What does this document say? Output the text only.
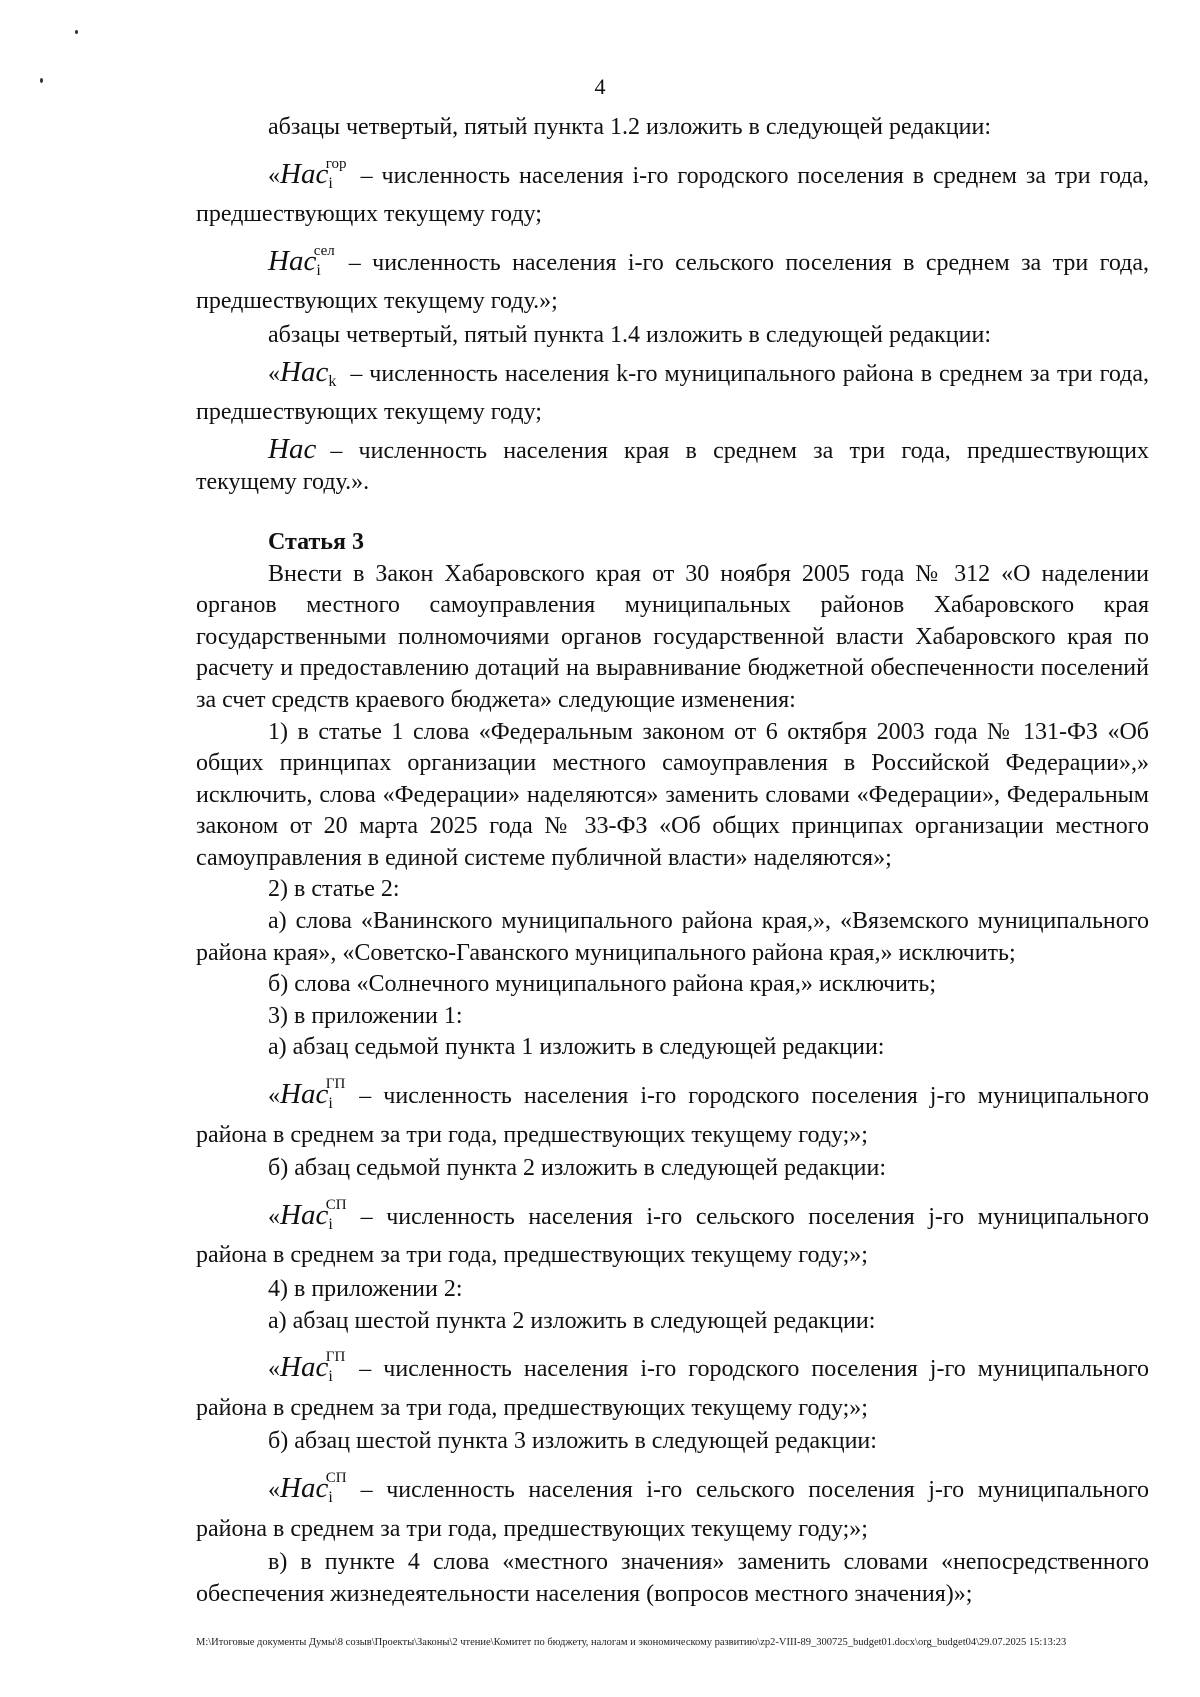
4

абзацы четвертый, пятый пункта 1.2 изложить в следующей редакции:

«Нас$_i^{гор}$ – численность населения i-го городского поселения в среднем за три года, предшествующих текущему году;

Нас$_i^{сел}$ – численность населения i-го сельского поселения в среднем за три года, предшествующих текущему году.»;

абзацы четвертый, пятый пункта 1.4 изложить в следующей редакции:

«Нас$_k$ – численность населения k-го муниципального района в среднем за три года, предшествующих текущему году;

Нас – численность населения края в среднем за три года, предшествующих текущему году.».

Статья 3

Внести в Закон Хабаровского края от 30 ноября 2005 года № 312 «О наделении органов местного самоуправления муниципальных районов Хабаровского края государственными полномочиями органов государственной власти Хабаровского края по расчету и предоставлению дотаций на выравнивание бюджетной обеспеченности поселений за счет средств краевого бюджета» следующие изменения:

1) в статье 1 слова «Федеральным законом от 6 октября 2003 года № 131-ФЗ «Об общих принципах организации местного самоуправления в Российской Федерации»,» исключить, слова «Федерации» наделяются» заменить словами «Федерации», Федеральным законом от 20 марта 2025 года № 33-ФЗ «Об общих принципах организации местного самоуправления в единой системе публичной власти» наделяются»;

2) в статье 2:

а) слова «Ванинского муниципального района края,», «Вяземского муниципального района края», «Советско-Гаванского муниципального района края,» исключить;

б) слова «Солнечного муниципального района края,» исключить;

3) в приложении 1:

а) абзац седьмой пункта 1 изложить в следующей редакции:

«Нас$_i^{ГП}$ – численность населения i-го городского поселения j-го муниципального района в среднем за три года, предшествующих текущему году;»;

б) абзац седьмой пункта 2 изложить в следующей редакции:

«Нас$_i^{СП}$ – численность населения i-го сельского поселения j-го муниципального района в среднем за три года, предшествующих текущему году;»;

4) в приложении 2:

а) абзац шестой пункта 2 изложить в следующей редакции:

«Нас$_i^{ГП}$ – численность населения i-го городского поселения j-го муниципального района в среднем за три года, предшествующих текущему году;»;

б) абзац шестой пункта 3 изложить в следующей редакции:

«Нас$_i^{СП}$ – численность населения i-го сельского поселения j-го муниципального района в среднем за три года, предшествующих текущему году;»;

в) в пункте 4 слова «местного значения» заменить словами «непосредственного обеспечения жизнедеятельности населения (вопросов местного значения)»;

M:\Итоговые документы Думы\8 созыв\Проекты\Законы\2 чтение\Комитет по бюджету, налогам и экономическому развитию\zp2-VIII-89_300725_budget01.docx\org_budget04\29.07.2025 15:13:23
